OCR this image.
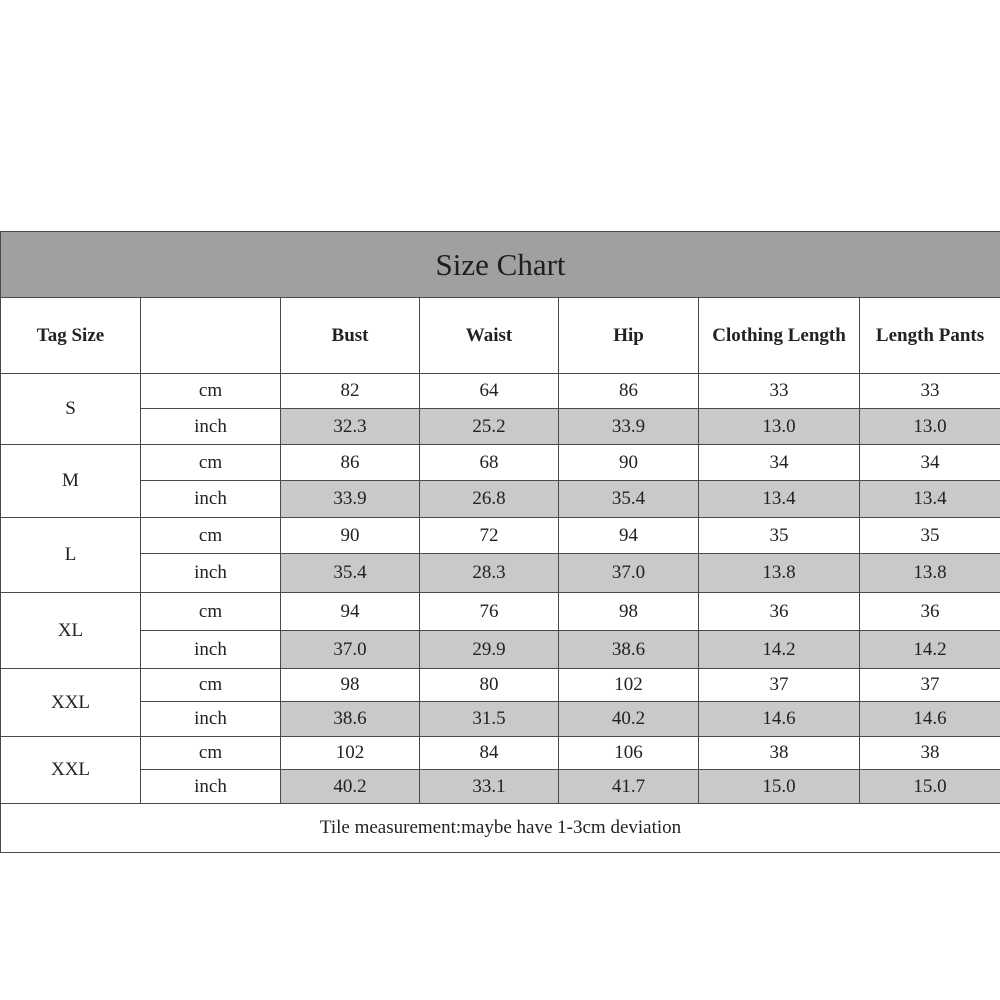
Size Chart						
Tag Size		Bust	Waist	Hip	Clothing Length	Length Pants
S	cm	82	64	86	33	33
	inch	32.3	25.2	33.9	13.0	13.0
M	cm	86	68	90	34	34
	inch	33.9	26.8	35.4	13.4	13.4
L	cm	90	72	94	35	35
	inch	35.4	28.3	37.0	13.8	13.8
XL	cm	94	76	98	36	36
	inch	37.0	29.9	38.6	14.2	14.2
XXL	cm	98	80	102	37	37
	inch	38.6	31.5	40.2	14.6	14.6
XXL	cm	102	84	106	38	38
	inch	40.2	33.1	41.7	15.0	15.0
Tile measurement:maybe have 1-3cm deviation						
